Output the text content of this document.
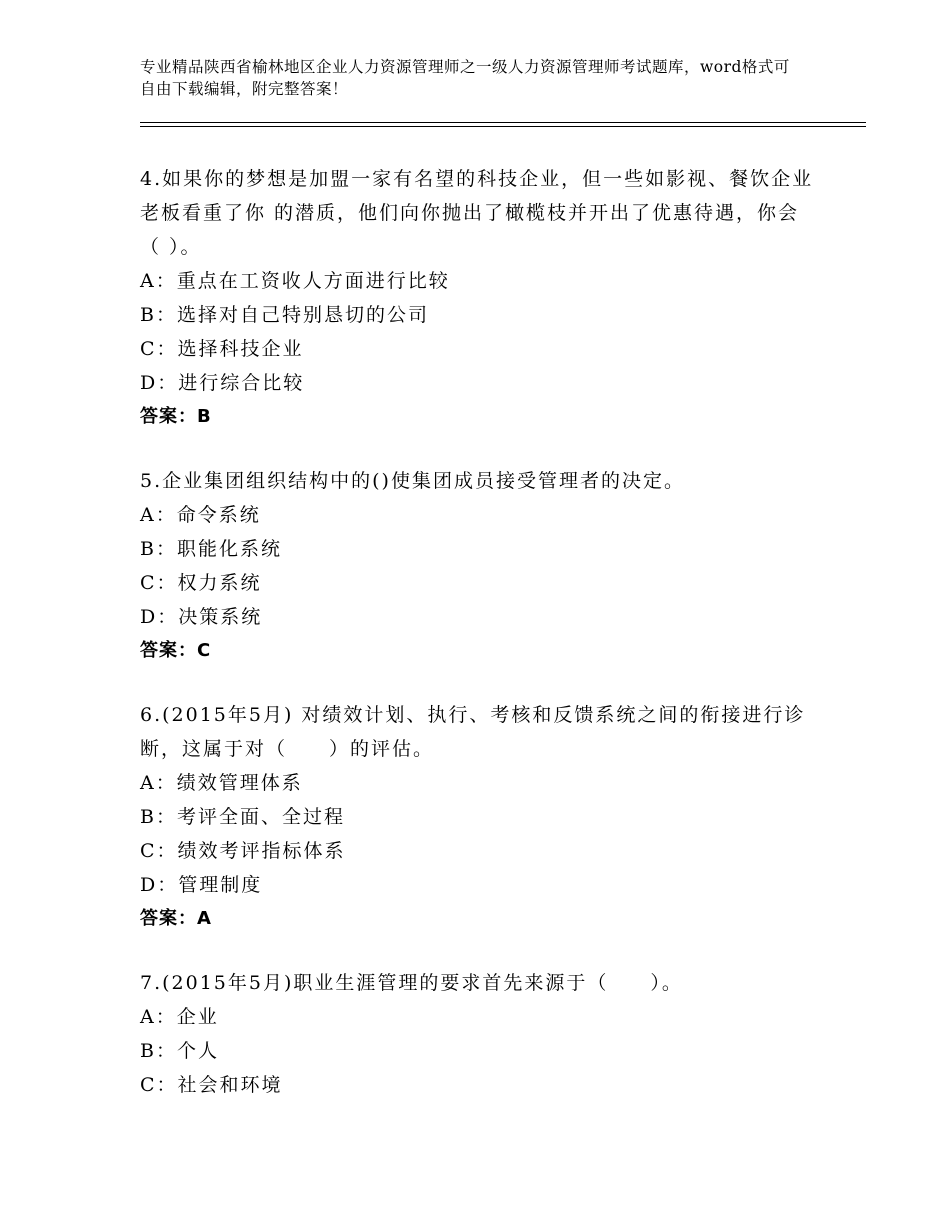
专业精品陕西省榆林地区企业人力资源管理师之一级人力资源管理师考试题库，word格式可自由下载编辑，附完整答案！
4.如果你的梦想是加盟一家有名望的科技企业，但一些如影视、餐饮企业老板看重了你 的潜质，他们向你抛出了橄榄枝并开出了优惠待遇，你会（ ）。
A：重点在工资收人方面进行比较
B：选择对自己特别恳切的公司
C：选择科技企业
D：进行综合比较
答案：B
5.企业集团组织结构中的()使集团成员接受管理者的决定。
A：命令系统
B：职能化系统
C：权力系统
D：决策系统
答案：C
6.(2015年5月) 对绩效计划、执行、考核和反馈系统之间的衔接进行诊断，这属于对（　　）的评估。
A：绩效管理体系
B：考评全面、全过程
C：绩效考评指标体系
D：管理制度
答案：A
7.(2015年5月)职业生涯管理的要求首先来源于（　　）。
A：企业
B：个人
C：社会和环境
